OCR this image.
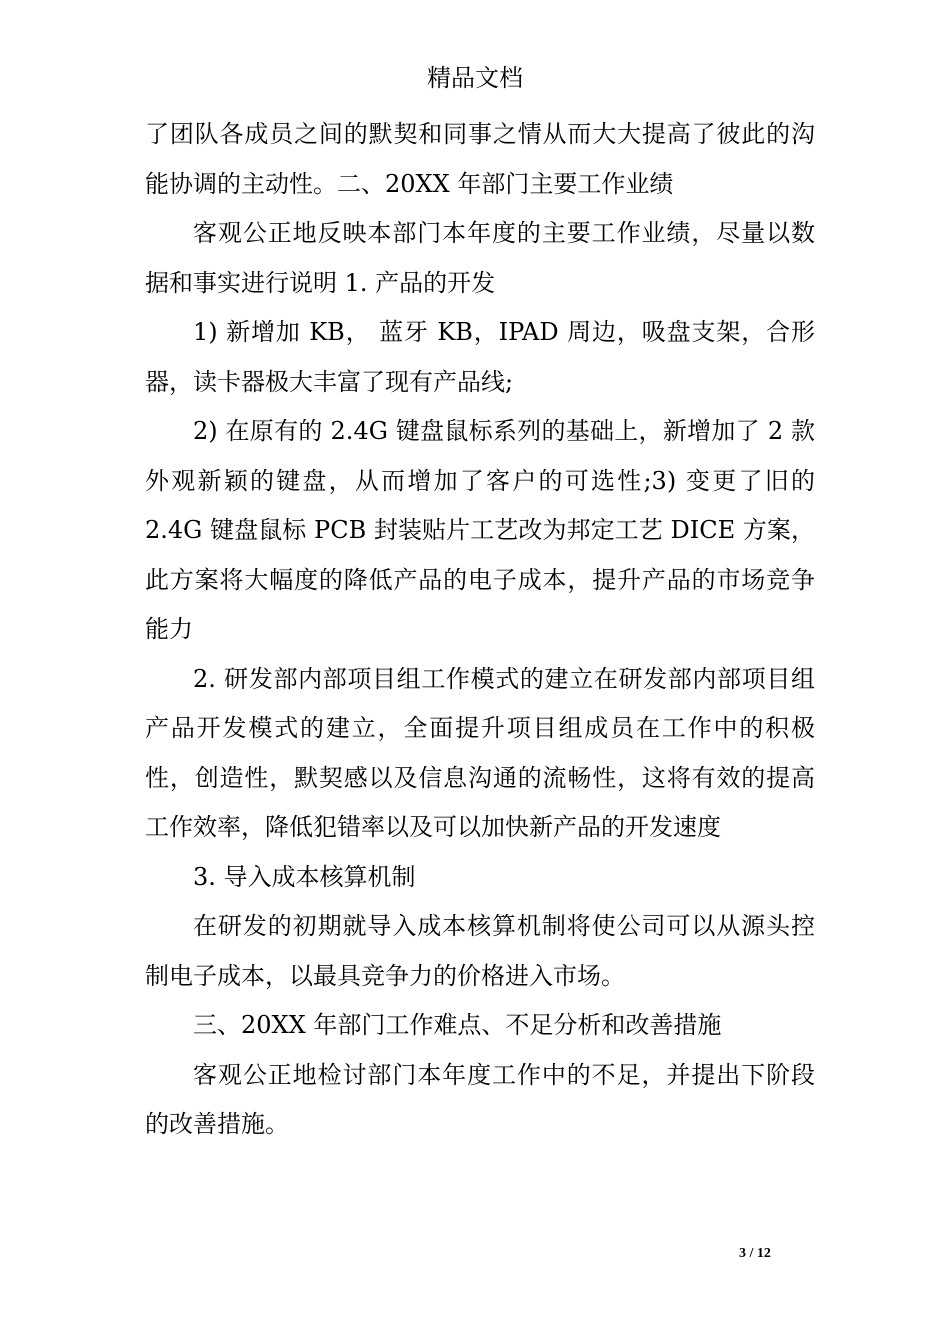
精品文档

了团队各成员之间的默契和同事之情从而大大提高了彼此的沟能协调的主动性。二、20XX 年部门主要工作业绩

客观公正地反映本部门本年度的主要工作业绩，尽量以数据和事实进行说明 1. 产品的开发

1) 新增加 KB， 蓝牙 KB，IPAD 周边，吸盘支架，合形器，读卡器极大丰富了现有产品线;

2) 在原有的 2.4G 键盘鼠标系列的基础上，新增加了 2 款外观新颖的键盘，从而增加了客户的可选性;3) 变更了旧的 2.4G 键盘鼠标 PCB 封装贴片工艺改为邦定工艺 DICE 方案，此方案将大幅度的降低产品的电子成本，提升产品的市场竞争能力

2. 研发部内部项目组工作模式的建立在研发部内部项目组产品开发模式的建立，全面提升项目组成员在工作中的积极性，创造性，默契感以及信息沟通的流畅性，这将有效的提高工作效率，降低犯错率以及可以加快新产品的开发速度

3. 导入成本核算机制

在研发的初期就导入成本核算机制将使公司可以从源头控制电子成本，以最具竞争力的价格进入市场。

三、20XX 年部门工作难点、不足分析和改善措施

客观公正地检讨部门本年度工作中的不足，并提出下阶段的改善措施。

3 / 12
